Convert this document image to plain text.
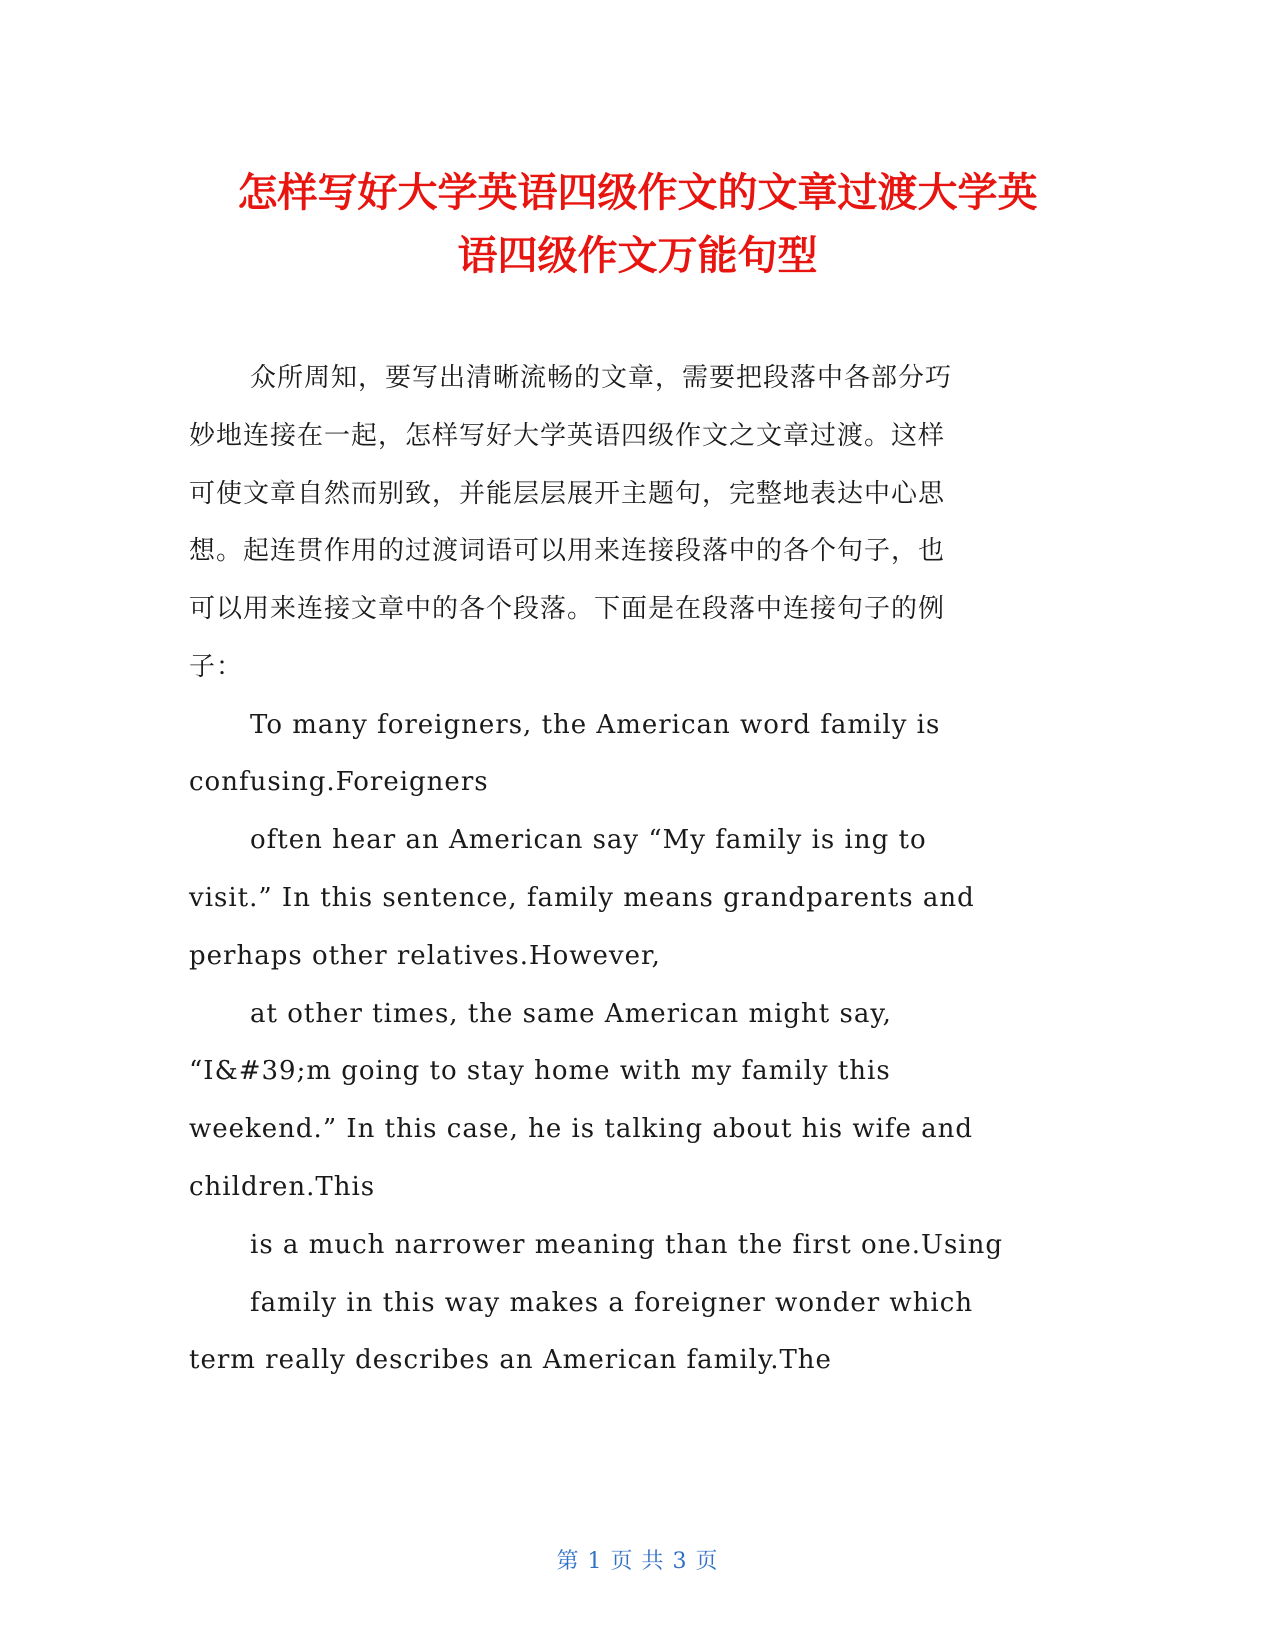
怎样写好大学英语四级作文的文章过渡大学英
语四级作文万能句型

众所周知，要写出清晰流畅的文章，需要把段落中各部分巧

妙地连接在一起，怎样写好大学英语四级作文之文章过渡。这样

可使文章自然而别致，并能层层展开主题句，完整地表达中心思

想。起连贯作用的过渡词语可以用来连接段落中的各个句子，也

可以用来连接文章中的各个段落。下面是在段落中连接句子的例

子：

To many foreigners, the American word family is

confusing.Foreigners

often hear an American say “My family is ing to

visit.” In this sentence, family means grandparents and

perhaps other relatives.However,

at other times, the same American might say,

“I&#39;m going to stay home with my family this

weekend.” In this case, he is talking about his wife and

children.This

is a much narrower meaning than the first one.Using

family in this way makes a foreigner wonder which

term really describes an American family.The

第 1 页 共 3 页
